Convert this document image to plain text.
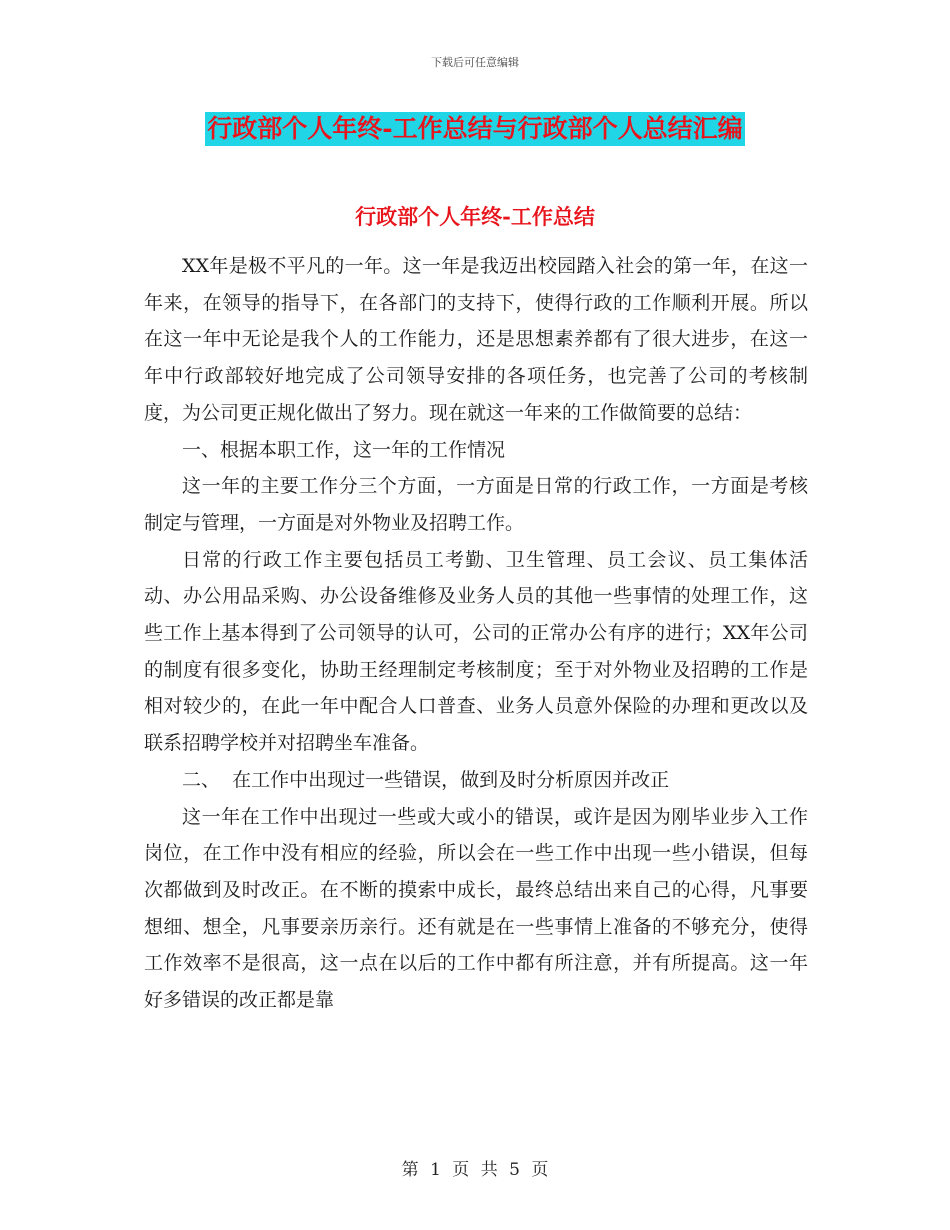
下载后可任意编辑
行政部个人年终-工作总结与行政部个人总结汇编
行政部个人年终-工作总结

XX年是极不平凡的一年。这一年是我迈出校园踏入社会的第一年，在这一年来，在领导的指导下，在各部门的支持下，使得行政的工作顺利开展。所以在这一年中无论是我个人的工作能力，还是思想素养都有了很大进步，在这一年中行政部较好地完成了公司领导安排的各项任务，也完善了公司的考核制度，为公司更正规化做出了努力。现在就这一年来的工作做简要的总结：

一、根据本职工作，这一年的工作情况

这一年的主要工作分三个方面，一方面是日常的行政工作，一方面是考核制定与管理，一方面是对外物业及招聘工作。

日常的行政工作主要包括员工考勤、卫生管理、员工会议、员工集体活动、办公用品采购、办公设备维修及业务人员的其他一些事情的处理工作，这些工作上基本得到了公司领导的认可，公司的正常办公有序的进行；XX年公司的制度有很多变化，协助王经理制定考核制度；至于对外物业及招聘的工作是相对较少的，在此一年中配合人口普查、业务人员意外保险的办理和更改以及联系招聘学校并对招聘坐车准备。

二、  在工作中出现过一些错误，做到及时分析原因并改正

这一年在工作中出现过一些或大或小的错误，或许是因为刚毕业步入工作岗位，在工作中没有相应的经验，所以会在一些工作中出现一些小错误，但每次都做到及时改正。在不断的摸索中成长，最终总结出来自己的心得，凡事要想细、想全，凡事要亲历亲行。还有就是在一些事情上准备的不够充分，使得工作效率不是很高，这一点在以后的工作中都有所注意，并有所提高。这一年好多错误的改正都是靠

第 1 页 共 5 页
